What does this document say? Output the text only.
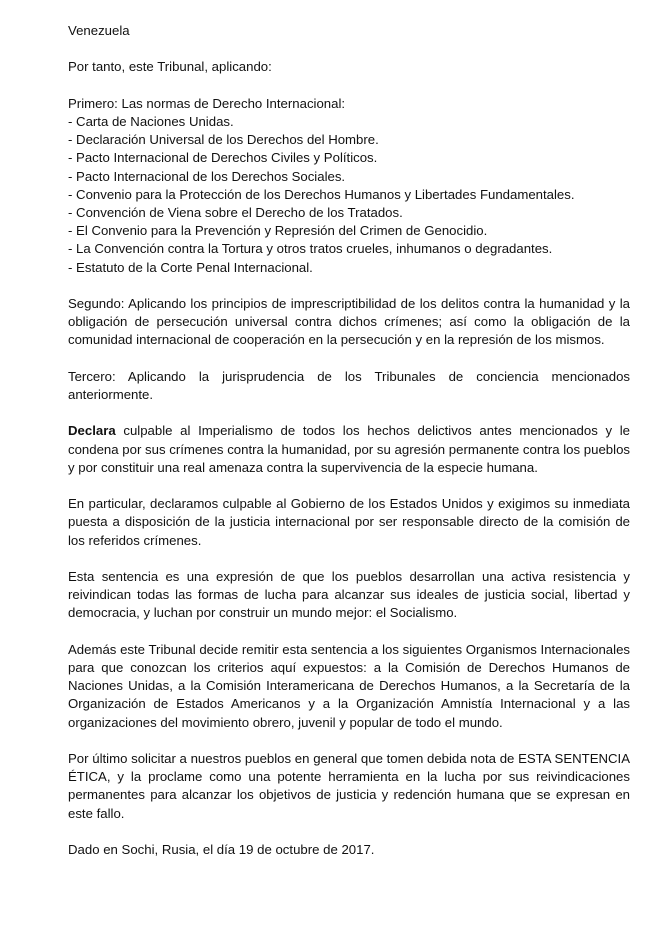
Venezuela

Por tanto, este Tribunal, aplicando:

Primero: Las normas de Derecho Internacional:
- Carta de Naciones Unidas.
- Declaración Universal de los Derechos del Hombre.
- Pacto Internacional de Derechos Civiles y Políticos.
- Pacto Internacional de los Derechos Sociales.
- Convenio para la Protección de los Derechos Humanos y Libertades Fundamentales.
- Convención de Viena sobre el Derecho de los Tratados.
- El Convenio para la Prevención y Represión del Crimen de Genocidio.
- La Convención contra la Tortura y otros tratos crueles, inhumanos o degradantes.
- Estatuto de la Corte Penal Internacional.

Segundo: Aplicando los principios de imprescriptibilidad de los delitos contra la humanidad y la obligación de persecución universal contra dichos crímenes; así como la obligación de la comunidad internacional de cooperación en la persecución y en la represión de los mismos.

Tercero: Aplicando la jurisprudencia de los Tribunales de conciencia mencionados anteriormente.

Declara culpable al Imperialismo de todos los hechos delictivos antes mencionados y le condena por sus crímenes contra la humanidad, por su agresión permanente contra los pueblos y por constituir una real amenaza contra la supervivencia de la especie humana.

En particular, declaramos culpable al Gobierno de los Estados Unidos y exigimos su inmediata puesta a disposición de la justicia internacional por ser responsable directo de la comisión de los referidos crímenes.

Esta sentencia es una expresión de que los pueblos desarrollan una activa resistencia y reivindican todas las formas de lucha para alcanzar sus ideales de justicia social, libertad y democracia, y luchan por construir un mundo mejor: el Socialismo.

Además este Tribunal decide remitir esta sentencia a los siguientes Organismos Internacionales para que conozcan los criterios aquí expuestos: a la Comisión de Derechos Humanos de Naciones Unidas, a la Comisión Interamericana de Derechos Humanos, a la Secretaría de la Organización de Estados Americanos y a la Organización Amnistía Internacional y a las organizaciones del movimiento obrero, juvenil y popular de todo el mundo.

Por último solicitar a nuestros pueblos en general que tomen debida nota de ESTA SENTENCIA ÉTICA, y la proclame como una potente herramienta en la lucha por sus reivindicaciones permanentes para alcanzar los objetivos de justicia y redención humana que se expresan en este fallo.

Dado en Sochi, Rusia, el día 19 de octubre de 2017.
